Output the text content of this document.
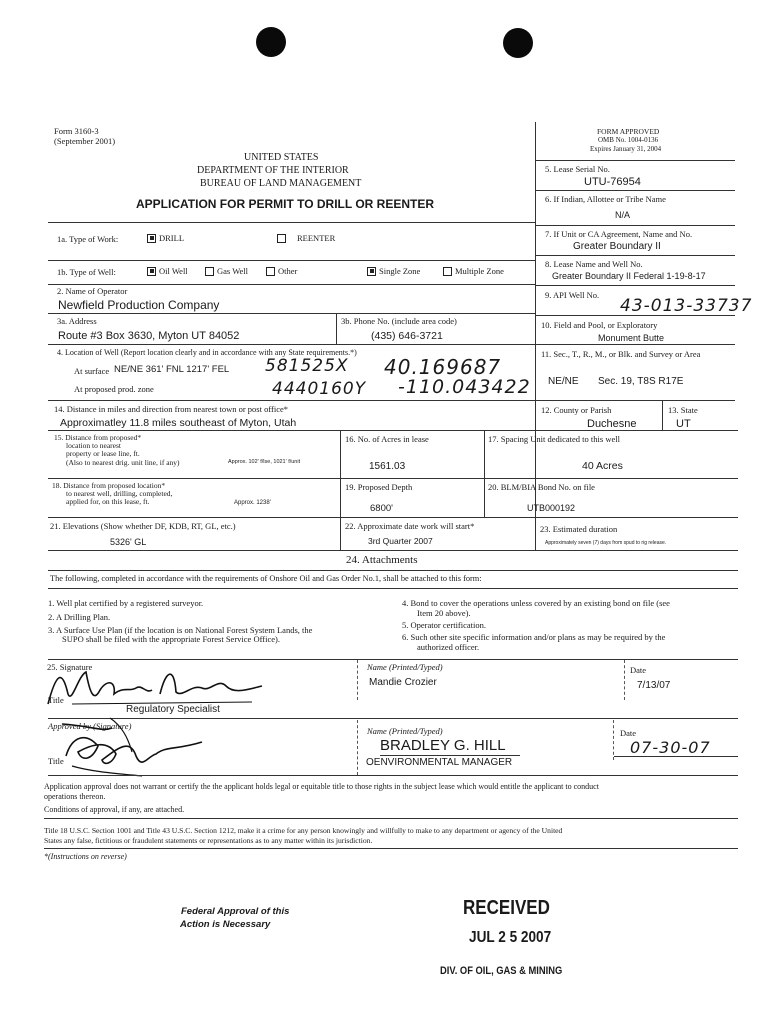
Form 3160-3
(September 2001)
UNITED STATES
DEPARTMENT OF THE INTERIOR
BUREAU OF LAND MANAGEMENT
APPLICATION FOR PERMIT TO DRILL OR REENTER
FORM APPROVED
OMB No. 1004-0136
Expires January 31, 2004
5. Lease Serial No.
UTU-76954
6. If Indian, Allottee or Tribe Name
N/A
7. If Unit or CA Agreement, Name and No.
Greater Boundary II
8. Lease Name and Well No.
Greater Boundary II Federal 1-19-8-17
9. API Well No.
43-013-33737
10. Field and Pool, or Exploratory
Monument Butte
11. Sec., T., R., M., or Blk. and Survey or Area
NE/NE Sec. 19, T8S R17E
12. County or Parish
Duchesne
13. State
UT
1a. Type of Work:	DRILL	REENTER
1b. Type of Well:	Oil Well	Gas Well	Other	Single Zone	Multiple Zone
2. Name of Operator
Newfield Production Company
3a. Address
Route #3 Box 3630, Myton UT 84052
3b. Phone No. (include area code)
(435) 646-3721
4. Location of Well (Report location clearly and in accordance with any State requirements.*)
At surface NE/NE 361' FNL 1217' FEL 581525X 40.169687
At proposed prod. zone	4440160Y -110.043422
14. Distance in miles and direction from nearest town or post office*
Approximatley 11.8 miles southeast of Myton, Utah
15. Distance from proposed*
location to nearest
property or lease line, ft.
(Also to nearest drig. unit line, if any)	Approx. 102' f/lse, 1021' f/unit
16. No. of Acres in lease
1561.03
17. Spacing Unit dedicated to this well
40 Acres
18. Distance from proposed location*
to nearest well, drilling, completed,
applied for, on this lease, ft.	Approx. 1238'
19. Proposed Depth
6800'
20. BLM/BIA Bond No. on file
UTB000192
21. Elevations (Show whether DF, KDB, RT, GL, etc.)
5326' GL
22. Approximate date work will start*
3rd Quarter 2007
23. Estimated duration
Approximately seven (7) days from spud to rig release.
24. Attachments
The following, completed in accordance with the requirements of Onshore Oil and Gas Order No.1, shall be attached to this form:
1. Well plat certified by a registered surveyor.
2. A Drilling Plan.
3. A Surface Use Plan (if the location is on National Forest System Lands, the
SUPO shall be filed with the appropriate Forest Service Office).
4. Bond to cover the operations unless covered by an existing bond on file (see
Item 20 above).
5. Operator certification.
6. Such other site specific information and/or plans as may be required by the
authorized officer.
25. Signature	Name (Printed/Typed)
Mandie Crozier
Date
7/13/07
Title
Regulatory Specialist
Approved by (Signature)	Name (Printed/Typed)
BRADLEY G. HILL
Date
07-30-07
Title	OENVIRONMENTAL MANAGER
Application approval does not warrant or certify the the applicant holds legal or equitable title to those rights in the subject lease which would entitle the applicant to conduct
operations thereon.
Conditions of approval, if any, are attached.
Title 18 U.S.C. Section 1001 and Title 43 U.S.C. Section 1212, make it a crime for any person knowingly and willfully to make to any department or agency of the United
States any false, fictitious or fraudulent statements or representations as to any matter within its jurisdiction.
*(Instructions on reverse)
Federal Approval of this
Action is Necessary
RECEIVED
JUL 2 5 2007
DIV. OF OIL, GAS & MINING
